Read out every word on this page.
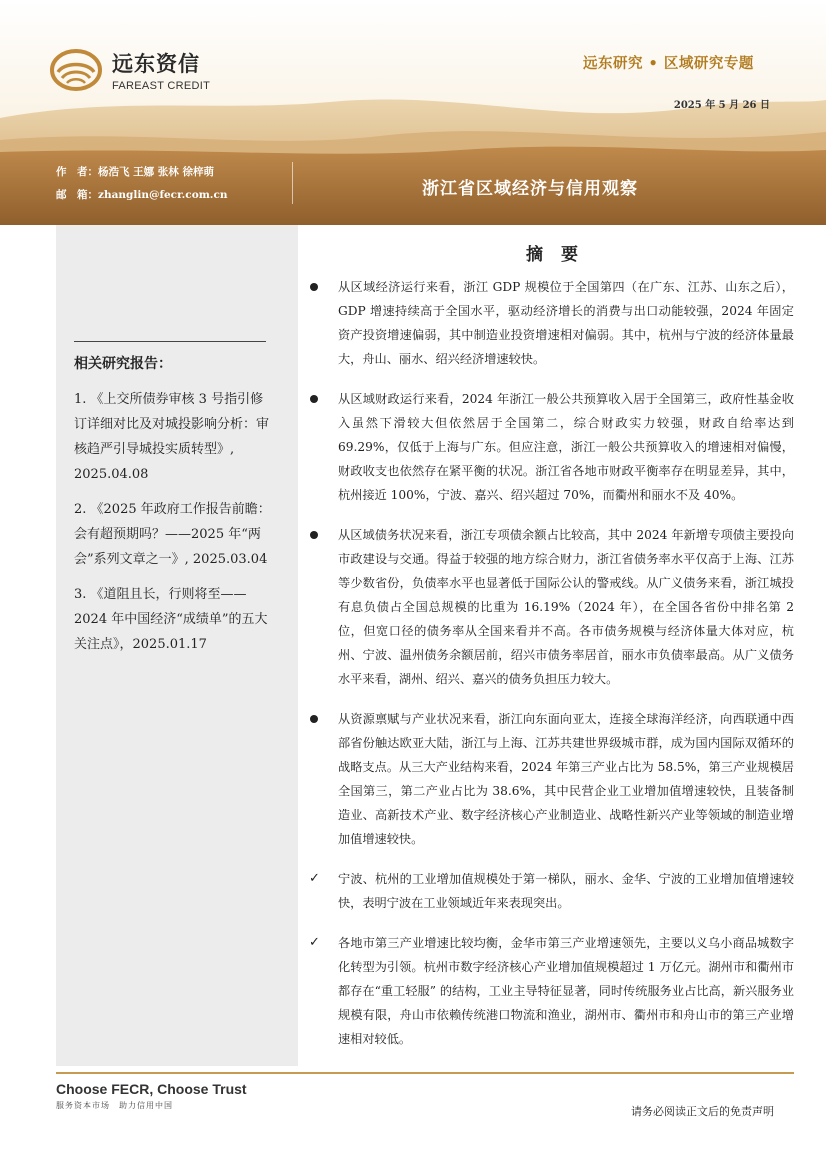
远东资信
FAREAST CREDIT
远东研究 • 区域研究专题
2025 年 5 月 26 日
作　者：杨浩飞 王娜 张林 徐梓萌
邮　箱：zhanglin@fecr.com.cn	浙江省区域经济与信用观察
相关研究报告：
1. 《上交所债券审核 3 号指引修订详细对比及对城投影响分析：审核趋严引导城投实质转型》, 2025.04.08
2. 《2025 年政府工作报告前瞻：会有超预期吗？——2025 年“两会”系列文章之一》, 2025.03.04
3. 《道阻且长，行则将至——2024 年中国经济“成绩单”的五大关注点》，2025.01.17
摘 要
从区域经济运行来看，浙江 GDP 规模位于全国第四（在广东、江苏、山东之后），GDP 增速持续高于全国水平，驱动经济增长的消费与出口动能较强，2024 年固定资产投资增速偏弱，其中制造业投资增速相对偏弱。其中，杭州与宁波的经济体量最大，舟山、丽水、绍兴经济增速较快。
从区域财政运行来看，2024 年浙江一般公共预算收入居于全国第三，政府性基金收入虽然下滑较大但依然居于全国第二，综合财政实力较强，财政自给率达到 69.29%，仅低于上海与广东。但应注意，浙江一般公共预算收入的增速相对偏慢，财政收支也依然存在紧平衡的状况。浙江省各地市财政平衡率存在明显差异，其中，杭州接近 100%，宁波、嘉兴、绍兴超过 70%，而衢州和丽水不及 40%。
从区域债务状况来看，浙江专项债余额占比较高，其中 2024 年新增专项债主要投向市政建设与交通。得益于较强的地方综合财力，浙江省债务率水平仅高于上海、江苏等少数省份，负债率水平也显著低于国际公认的警戒线。从广义债务来看，浙江城投有息负债占全国总规模的比重为 16.19%（2024 年），在全国各省份中排名第 2 位，但宽口径的债务率从全国来看并不高。各市债务规模与经济体量大体对应，杭州、宁波、温州债务余额居前，绍兴市债务率居首，丽水市负债率最高。从广义债务水平来看，湖州、绍兴、嘉兴的债务负担压力较大。
从资源禀赋与产业状况来看，浙江向东面向亚太，连接全球海洋经济，向西联通中西部省份触达欧亚大陆，浙江与上海、江苏共建世界级城市群，成为国内国际双循环的战略支点。从三大产业结构来看，2024 年第三产业占比为 58.5%，第三产业规模居全国第三，第二产业占比为 38.6%，其中民营企业工业增加值增速较快，且装备制造业、高新技术产业、数字经济核心产业制造业、战略性新兴产业等领域的制造业增加值增速较快。
✓ 宁波、杭州的工业增加值规模处于第一梯队，丽水、金华、宁波的工业增加值增速较快，表明宁波在工业领域近年来表现突出。
✓ 各地市第三产业增速比较均衡，金华市第三产业增速领先，主要以义乌小商品城数字化转型为引领。杭州市数字经济核心产业增加值规模超过 1 万亿元。湖州市和衢州市都存在“重工轻服” 的结构，工业主导特征显著，同时传统服务业占比高，新兴服务业规模有限，舟山市依赖传统港口物流和渔业，湖州市、衢州市和舟山市的第三产业增速相对较低。
Choose FECR, Choose Trust
服务资本市场　助力信用中国	请务必阅读正文后的免责声明
